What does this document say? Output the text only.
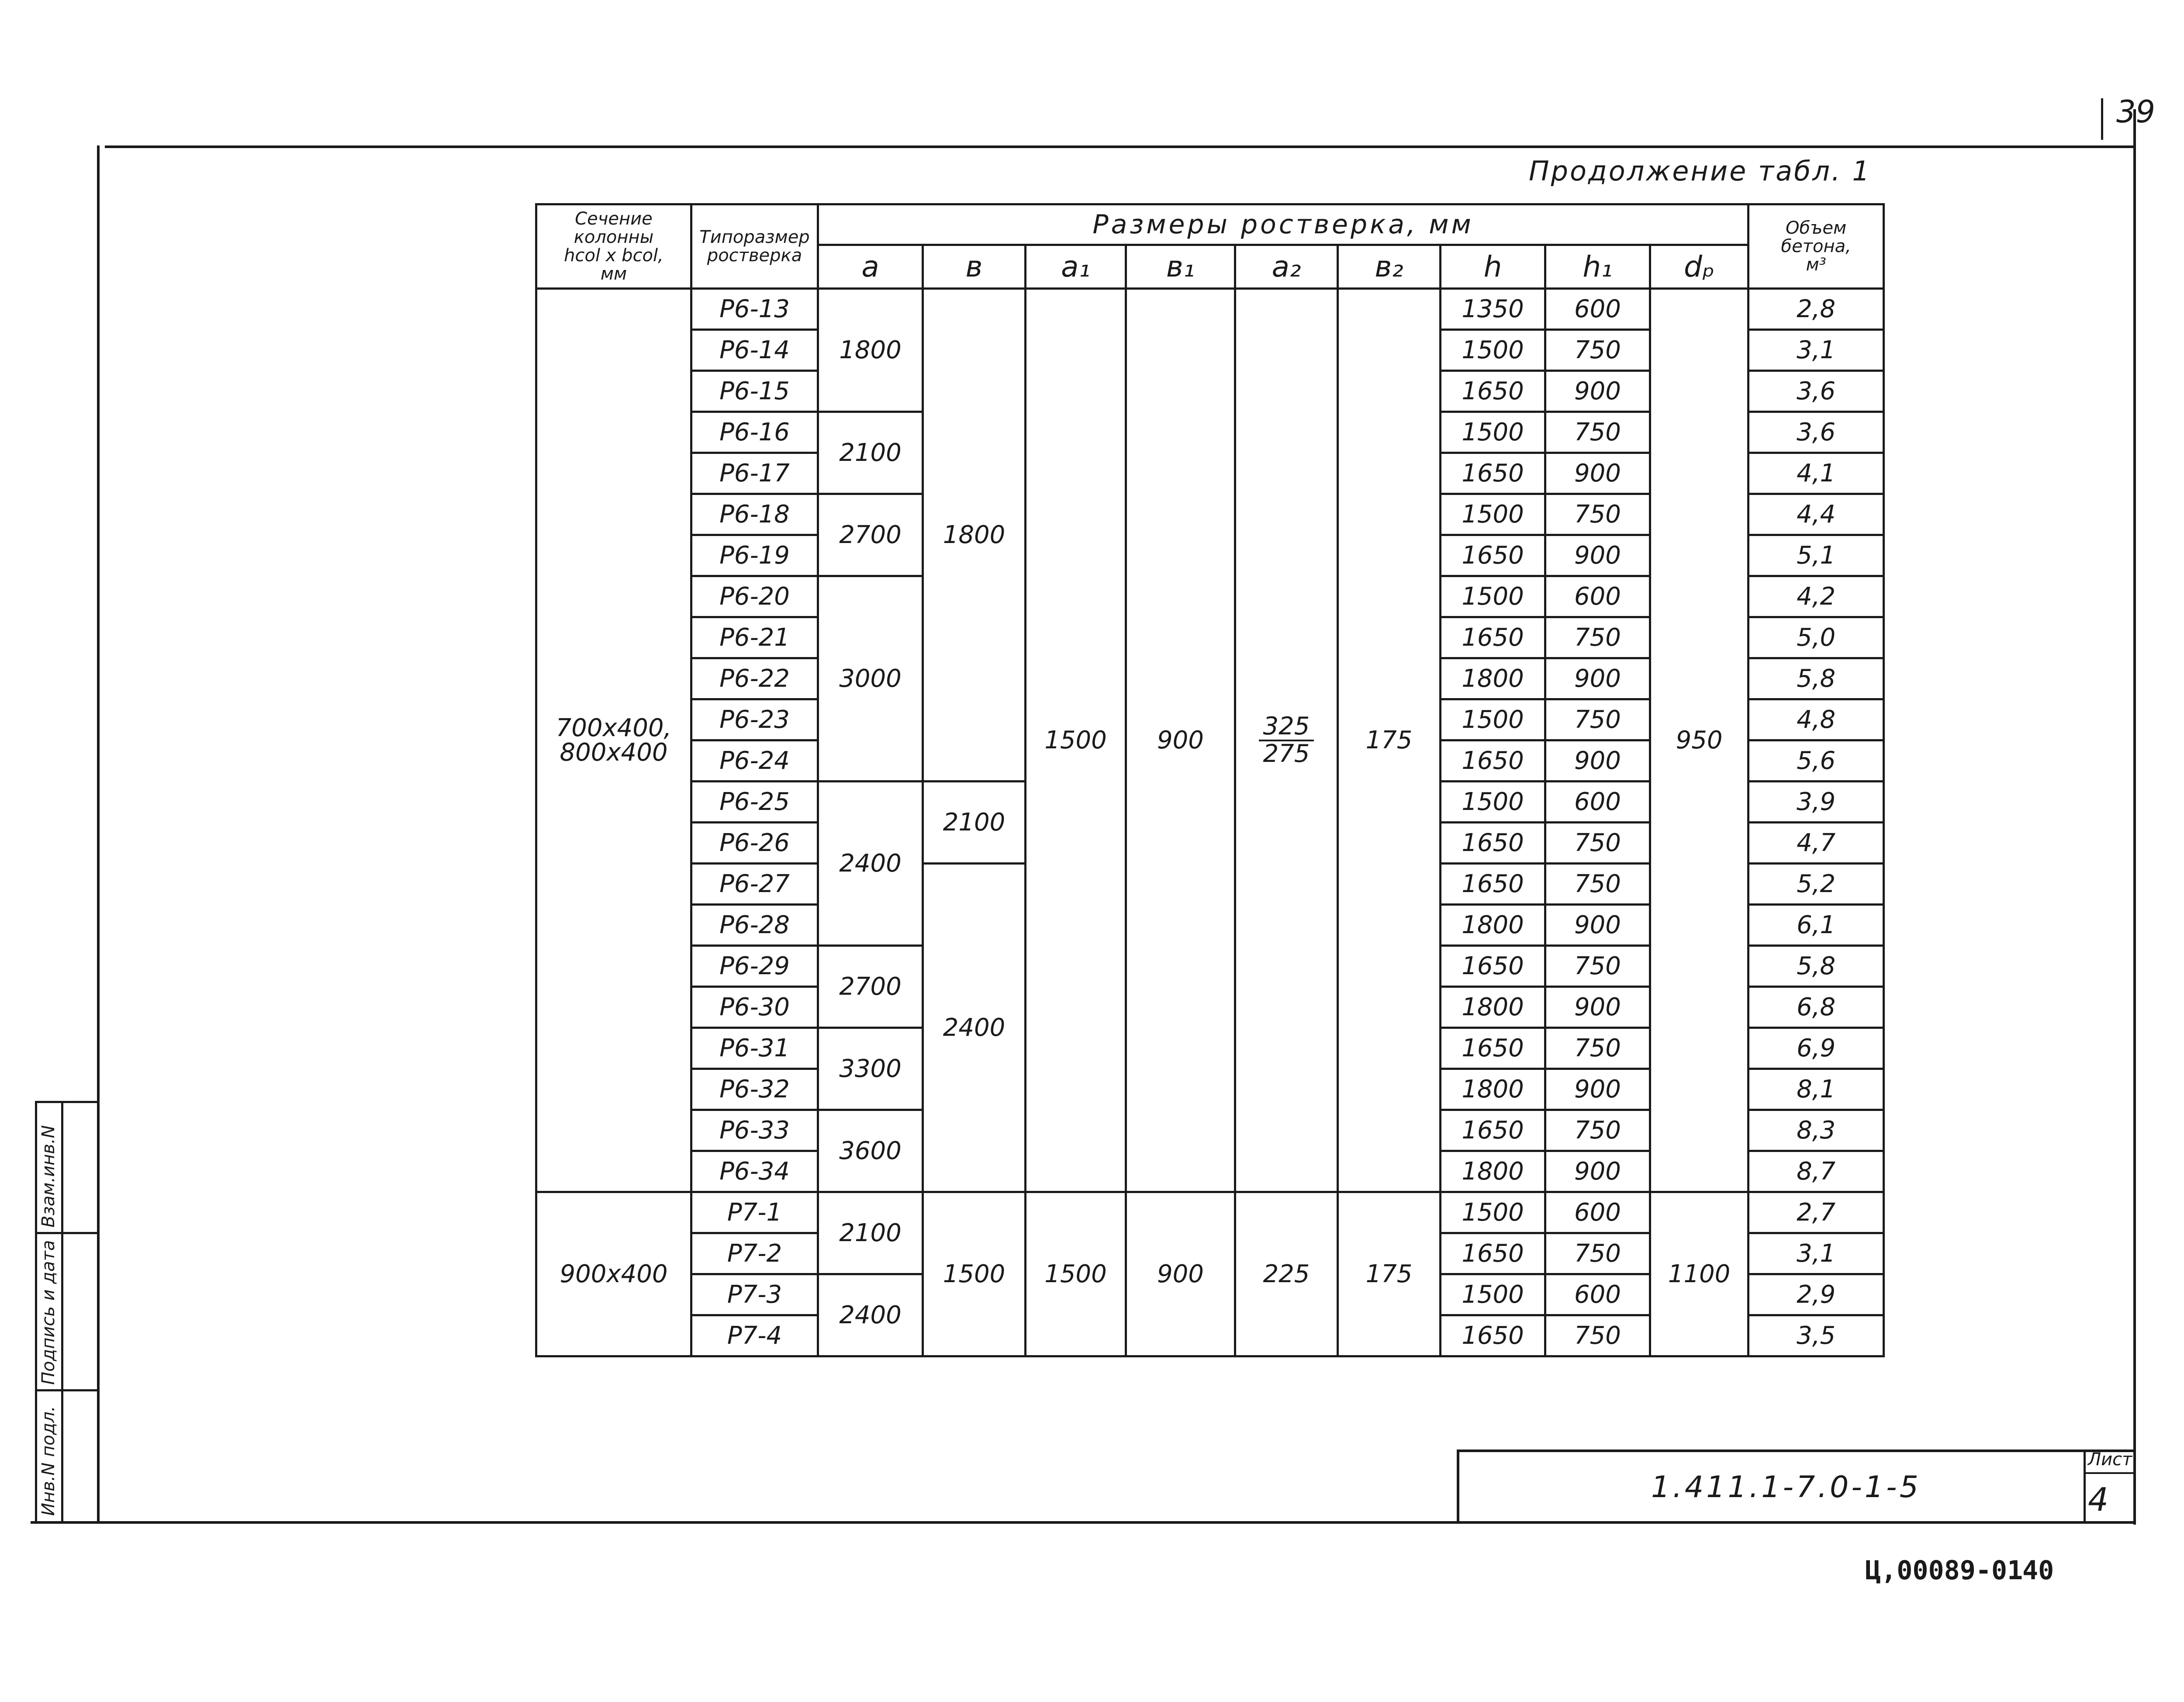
39
Продолжение табл. 1
Инв.N подл.
Подпись и дата
Взам.инв.N
Сечение
колонны
hcol x bcol,
мм	Типоразмер
ростверка	Размеры ростверка, мм									Объем
бетона,
м³

		a	в	a₁	в₁	a₂	в₂	h	h₁	dₚ	

700x400,
800x400	Р6-13	1800	1800	1500	900	$\frac{325}{275}$	175	1350	600	950	2,8
	Р6-14							1500	750		3,1
	Р6-15							1650	900		3,6
	Р6-16	2100						1500	750		3,6
	Р6-17							1650	900		4,1
	Р6-18	2700						1500	750		4,4
	Р6-19							1650	900		5,1
	Р6-20	3000						1500	600		4,2
	Р6-21							1650	750		5,0
	Р6-22							1800	900		5,8
	Р6-23							1500	750		4,8
	Р6-24							1650	900		5,6
	Р6-25	2400	2100					1500	600		3,9
	Р6-26							1650	750		4,7
	Р6-27		2400					1650	750		5,2
	Р6-28							1800	900		6,1
	Р6-29	2700						1650	750		5,8
	Р6-30							1800	900		6,8
	Р6-31	3300						1650	750		6,9
	Р6-32							1800	900		8,1
	Р6-33	3600						1650	750		8,3
	Р6-34							1800	900		8,7
900x400	Р7-1	2100	1500	1500	900	225	175	1500	600	1100	2,7
	Р7-2							1650	750		3,1
	Р7-3	2400						1500	600		2,9
	Р7-4							1650	750		3,5
1.411.1-7.0-1-5
Лист
4
Ц,00089-01
40
